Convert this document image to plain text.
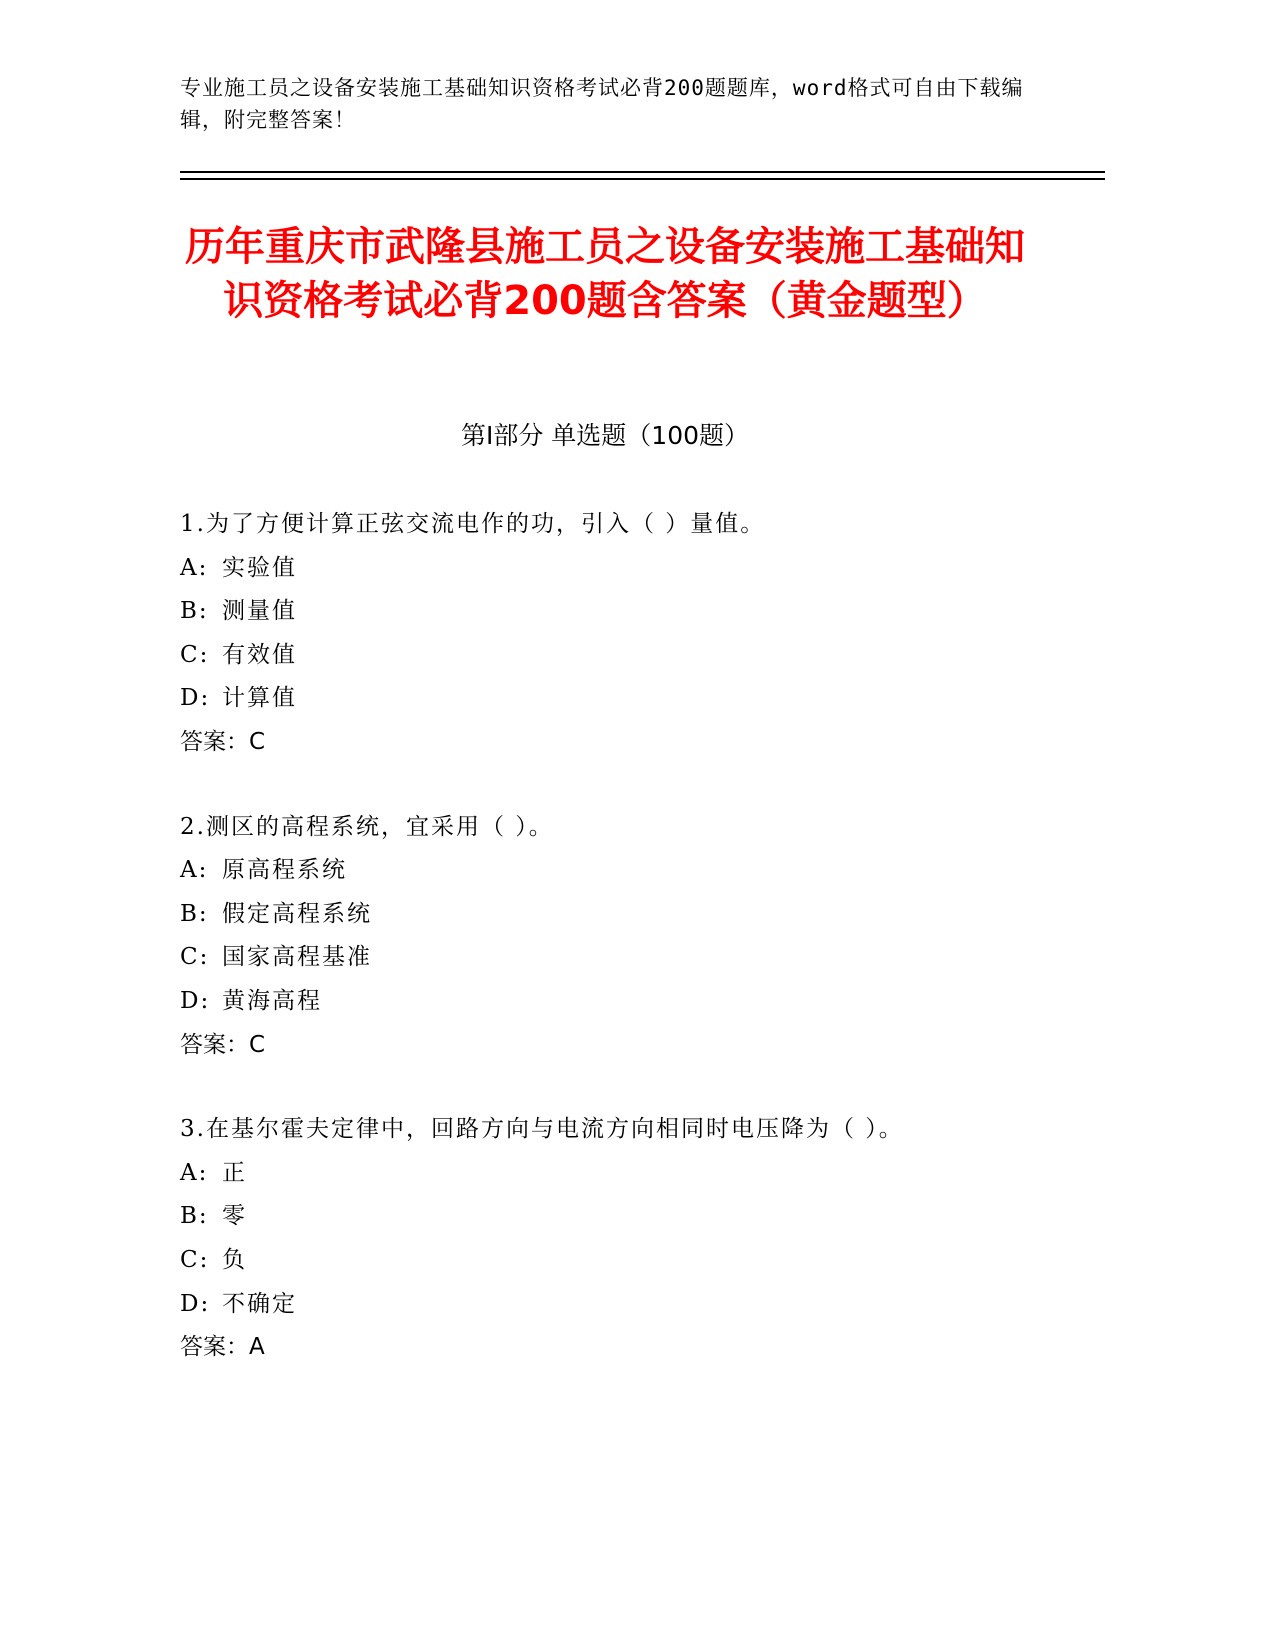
专业施工员之设备安装施工基础知识资格考试必背200题题库，word格式可自由下载编辑，附完整答案！
历年重庆市武隆县施工员之设备安装施工基础知识资格考试必背200题含答案（黄金题型）
第Ⅰ部分 单选题（100题）
1.为了方便计算正弦交流电作的功，引入（ ）量值。
A: 实验值
B: 测量值
C: 有效值
D: 计算值
答案：C
2.测区的高程系统，宜采用（ ）。
A: 原高程系统
B: 假定高程系统
C: 国家高程基准
D: 黄海高程
答案：C
3.在基尔霍夫定律中，回路方向与电流方向相同时电压降为（ ）。
A: 正
B: 零
C: 负
D: 不确定
答案：A
